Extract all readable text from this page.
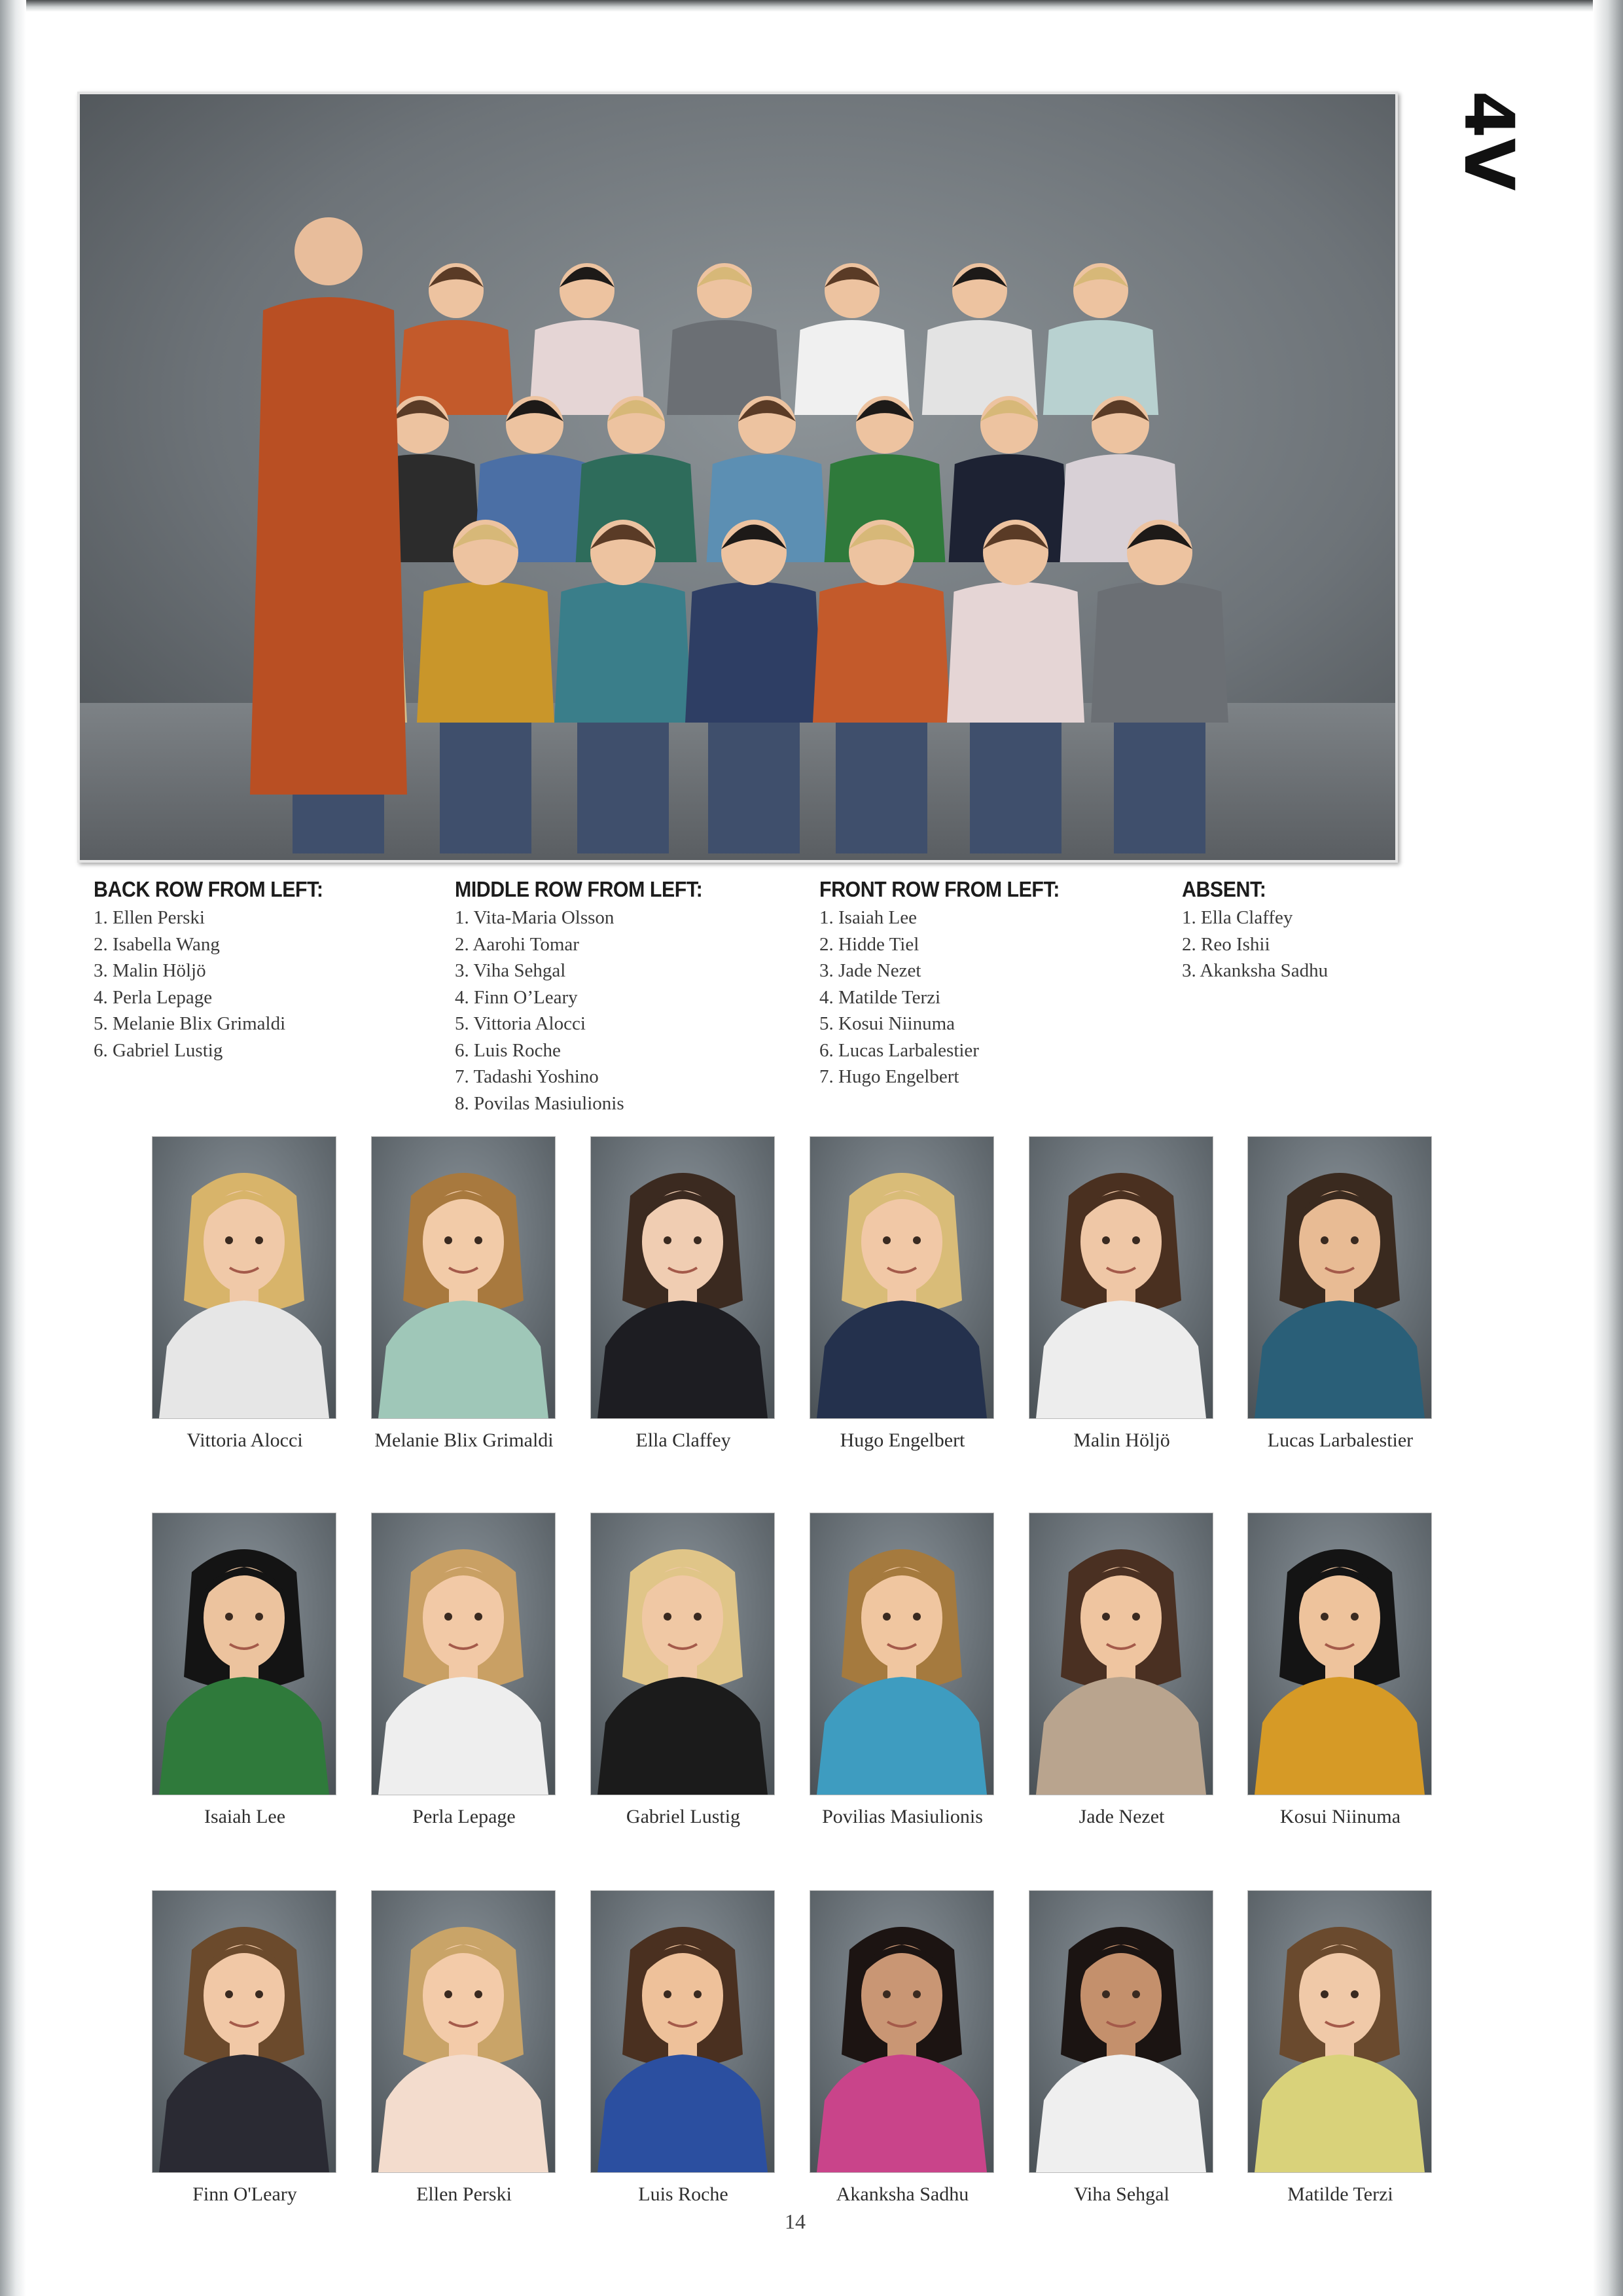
4V
BACK ROW FROM LEFT:
1. Ellen Perski
2. Isabella Wang
3. Malin Höljö
4. Perla Lepage
5. Melanie Blix Grimaldi
6. Gabriel Lustig
MIDDLE ROW FROM LEFT:
1. Vita-Maria Olsson
2. Aarohi Tomar
3. Viha Sehgal
4. Finn O’Leary
5. Vittoria Alocci
6. Luis Roche
7. Tadashi Yoshino
8. Povilas Masiulionis
FRONT ROW FROM LEFT:
1. Isaiah Lee
2. Hidde Tiel
3. Jade Nezet
4. Matilde Terzi
5. Kosui Niinuma
6. Lucas Larbalestier
7. Hugo Engelbert
ABSENT:
1. Ella Claffey
2. Reo Ishii
3. Akanksha Sadhu
Vittoria Alocci	Melanie Blix Grimaldi	Ella Claffey	Hugo Engelbert	Malin Höljö	Lucas Larbalestier
Isaiah Lee	Perla Lepage	Gabriel Lustig	Povilias Masiulionis	Jade Nezet	Kosui Niinuma
Finn O'Leary	Ellen Perski	Luis Roche	Akanksha Sadhu	Viha Sehgal	Matilde Terzi
14
